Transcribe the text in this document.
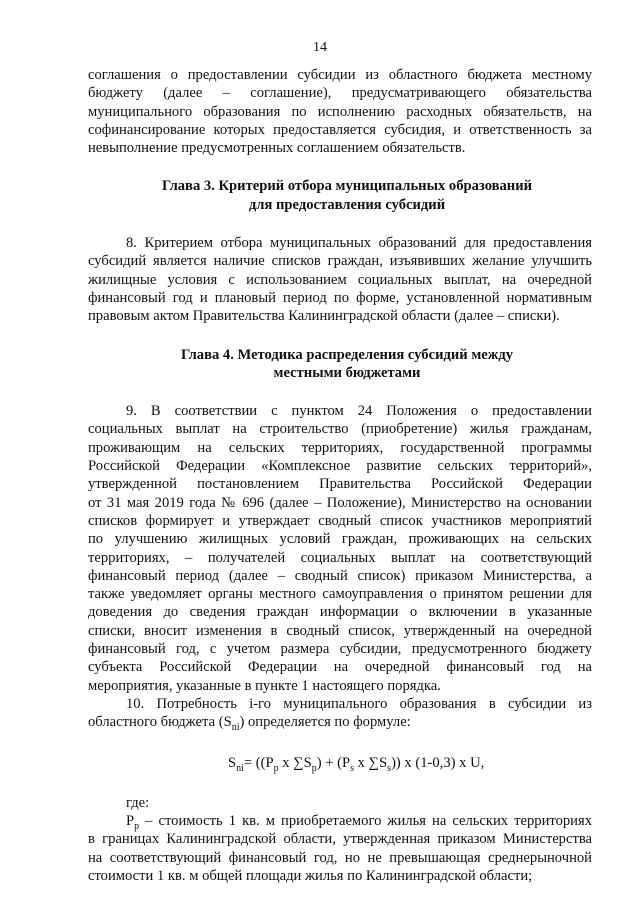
14

соглашения о предоставлении субсидии из областного бюджета местному

бюджету (далее – соглашение), предусматривающего обязательства

муниципального образования по исполнению расходных обязательств, на

софинансирование которых предоставляется субсидия, и ответственность за

невыполнение предусмотренных соглашением обязательств.

Глава 3. Критерий отбора муниципальных образований

для предоставления субсидий

8. Критерием отбора муниципальных образований для предоставления

субсидий является наличие списков граждан, изъявивших желание улучшить

жилищные условия с использованием социальных выплат, на очередной

финансовый год и плановый период по форме, установленной нормативным

правовым актом Правительства Калининградской области (далее – списки).

Глава 4. Методика распределения субсидий между

местными бюджетами

9. В соответствии с пунктом 24 Положения о предоставлении

социальных выплат на строительство (приобретение) жилья гражданам,

проживающим на сельских территориях, государственной программы

Российской Федерации «Комплексное развитие сельских территорий»,

утвержденной постановлением Правительства Российской Федерации

от 31 мая 2019 года № 696 (далее – Положение), Министерство на основании

списков формирует и утверждает сводный список участников мероприятий

по улучшению жилищных условий граждан, проживающих на сельских

территориях, – получателей социальных выплат на соответствующий

финансовый период (далее – сводный список) приказом Министерства, а

также уведомляет органы местного самоуправления о принятом решении для

доведения до сведения граждан информации о включении в указанные

списки, вносит изменения в сводный список, утвержденный на очередной

финансовый год, с учетом размера субсидии, предусмотренного бюджету

субъекта Российской Федерации на очередной финансовый год на

мероприятия, указанные в пункте 1 настоящего порядка.

10. Потребность i-го муниципального образования в субсидии из

областного бюджета $(S_{ni})$ определяется по формуле:

$S_{ni}= ((P_p$ x $\sum S_p) + (P_s$ x $\sum S_s$)) x (1-0,3) x U,

где:

$P_p$ – стоимость 1 кв. м приобретаемого жилья на сельских территориях

в границах Калининградской области, утвержденная приказом Министерства

на соответствующий финансовый год, но не превышающая среднерыночной

стоимости 1 кв. м общей площади жилья по Калининградской области;
